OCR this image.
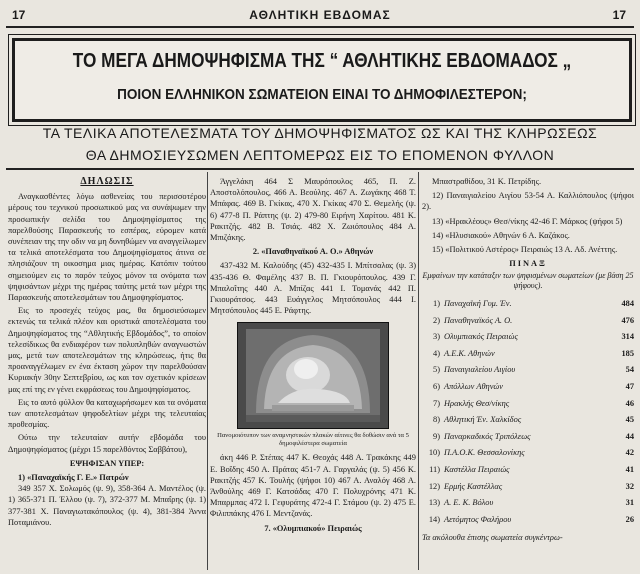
17	ΑΘΛΗΤΙΚΗ ΕΒΔΟΜΑΣ	17
ΤΟ ΜΕΓΑ ΔΗΜΟΨΗΦΙΣΜΑ ΤΗΣ “ ΑΘΛΗΤΙΚΗΣ ΕΒΔΟΜΑΔΟΣ „
ΠΟΙΟΝ ΕΛΛΗΝΙΚΟΝ ΣΩΜΑΤΕΙΟΝ ΕΙΝΑΙ ΤΟ ΔΗΜΟΦΙΛΕΣΤΕΡΟΝ;
ΤΑ ΤΕΛΙΚΑ ΑΠΟΤΕΛΕΣΜΑΤΑ ΤΟΥ ΔΗΜΟΨΗΦΙΣΜΑΤΟΣ ΩΣ ΚΑΙ ΤΗΣ ΚΛΗΡΩΣΕΩΣ
ΘΑ ΔΗΜΟΣΙΕΥΣΩΜΕΝ ΛΕΠΤΟΜΕΡΩΣ ΕΙΣ ΤΟ ΕΠΟΜΕΝΟΝ ΦΥΛΛΟΝ
ΔΗΛΩΣΙΣ

Αναγκασθέντες λόγω ασθενείας του περισσοτέρου μέρους του τεχνικού προσωπικού μας να συνάψωμεν την προσωπικήν σελίδα του Δημοψηφίσματος της παρελθούσης Παρασκευής το εσπέρας, εύρομεν κατά συνέπειαν της την οδιν να μη δυνηθώμεν να αναγγείλωμεν τα τελικά αποτελέσματα του Δημοψηφίσματος άτινα σε πλησιάζουν τη οικοσημα μιας ημέρας. Κατόπιν τούτου σημειούμεν εις το παρόν τεύχος μόνον τα ονόματα των ψηφισάντων μέχρι της ημέρας ταύτης μετά των μέχρι της Παρασκευής αποτελεσμάτων του Δημοψηφίσματος.

Εις το προσεχές τεύχος μας, θα δημοσιεύσωμεν εκτενώς τα τελικά πλέον και οριστικά αποτελέσματα του Δημοψηφίσματος της “Αθλητικής Εβδομάδος”, το οποίον τελεσίδικως θα ενδιαφέρον των πολυπληθών αναγνωστών μας, μετά των αποτελεσμάτων της κληρώσεως, ήτις θα προαναγγέλωμεν εν ένα έκταση χώρον την παρελθούσαν Κυριακήν 30ην Σεπτεβρίου, ως και τον σχετικόν κρίσεων μας επί της εν γένει εκφράσεως του Δημοψηφίσματος.

Εις το αυτό φύλλον θα καταχωρήσωμεν και τα ονόματα των αποτελεσμάτων ψηφοδελτίων μέχρι της τελευταίας προθεσμίας.

Ούτω την τελευταίαν αυτήν εβδομάδα του Δημοψηφίσματος (μέχρι 15 παρελθόντος Σαββάτου),

ΕΨΗΦΙΣΑΝ ΥΠΕΡ:

1) «Παναχαϊκής Γ. Ε.» Πατρών

349 357 Χ. Σολωμός (ψ. 9), 358-364 Α. Μαντέλος (ψ. 1) 365-371 Π. Έλλου (ψ. 7), 372-377 Μ. Μπαΐρης (ψ. 1) 377-381 Χ. Παναγιωτακόπουλος (ψ. 4), 381-384 Άννα Ποταμιάνου.

Άγγελάκη 464 Σ Μαυρόπουλος 465, Π. Ζ. Αποστολόπουλος, 466 Α. Βεούλης. 467 Α. Ζωγάκης 468 Τ. Μπάφας. 469 Β. Γκίκας, 470 Χ. Γκίκας 470 Σ. Θεμελής (ψ. 6) 477-8 Π. Ράπτης (ψ. 2) 479-80 Ειρήνη Χαρίτου. 481 Κ. Ρακιτζής. 482 Β. Τσιάς. 482 Χ. Ζωιόπουλος 484 Α. Μπιζάκης.

2. «Παναθηναϊκού Α. Ο.» Αθηνών

437-432 Μ. Καλούδης (45) 432-435 Ι. Μπίτσαλας (ψ. 3) 435-436 Θ. Φαμέλης 437 Β. Π. Γκιουρόπουλος. 439 Γ. Μπαλοΐτης 440 Α. Μπίζας 441 Ι. Τομανάς 442 Π. Γκιουράτσος. 443 Ευάγγελος Μητσόπουλος 444 Ι. Μητσόπουλος 445 Ε. Ράφτης.

Πανομοιότυπον των αναμνηστικών πλακών αίτινες θα δοθώσιν ανά τα 5 δημοφιλέστερα σωματεία

άκη 446 Ρ. Στέπας 447 Κ. Θεοχάς 448 Α. Τρακάκης 449 Ε. Βοΐδης 450 Α. Πράτας 451-7 Α. Γαργαλάς (ψ. 5) 456 Κ. Ρακιτζής 457 Κ. Τουλής (ψήφοι 10) 467 Α. Αναλόγ 468 Α. Άνθούλης 469 Γ. Κατσάδας 470 Γ. Πολυχρόνης 471 Κ. Μπαρμπας 472 Ι. Γεφυράτης 472-4 Γ. Στάμου (ψ. 2) 475 Ε. Φιλιππάκης 476 Ι. Μεντζανάς.

7. «Ολυμπιακού» Πειραιώς

Μπαστραθίδου, 31 Κ. Πετρίδης.

12) Παναιγιαλείου Αιγίου 53-54 Α. Καλλιόπουλος (ψήφοι 2).

13) «Ηρακλέους» Θεσ/νίκης 42-46 Γ. Μάρκος (ψήφοι 5)

14) «Ηλυσιακού» Αθηνών 6 Α. Καζάκος.

15) «Πολιτικού Αστέρος» Πειραιώς 13 Α. Αδ. Ανέττης.

ΠΙΝΑΞ
Εμφαίνων την κατάταξιν των ψηφισμένων σωματείων (με βάση 25 ψήφους).
1) Παναχαϊκή Γυμ. Έν.	484
2) Παναθηναϊκός Α. Ο.	476
3) Ολυμπιακός Πειραιώς	314
4) Α.Ε.Κ. Αθηνών	185
5) Παναιγιαλείου Αιγίου	54
6) Απόλλων Αθηνών	47
7) Ηρακλής Θεσ/νίκης	46
8) Αθλητική Έν. Χαλκίδος	45
9) Παναρκαδικός Τριπόλεως	44
10) Π.Α.Ο.Κ. Θεσσαλονίκης	42
11) Καστέλλα Πειραιώς	41
12) Ερμής Καστέλλας	32
13) Α. Ε. Κ. Βόλου	31
14) Αετόμητος Φαλήρου	26
Τα ακόλουθα έπισης σωματεία συγκέντρω-
